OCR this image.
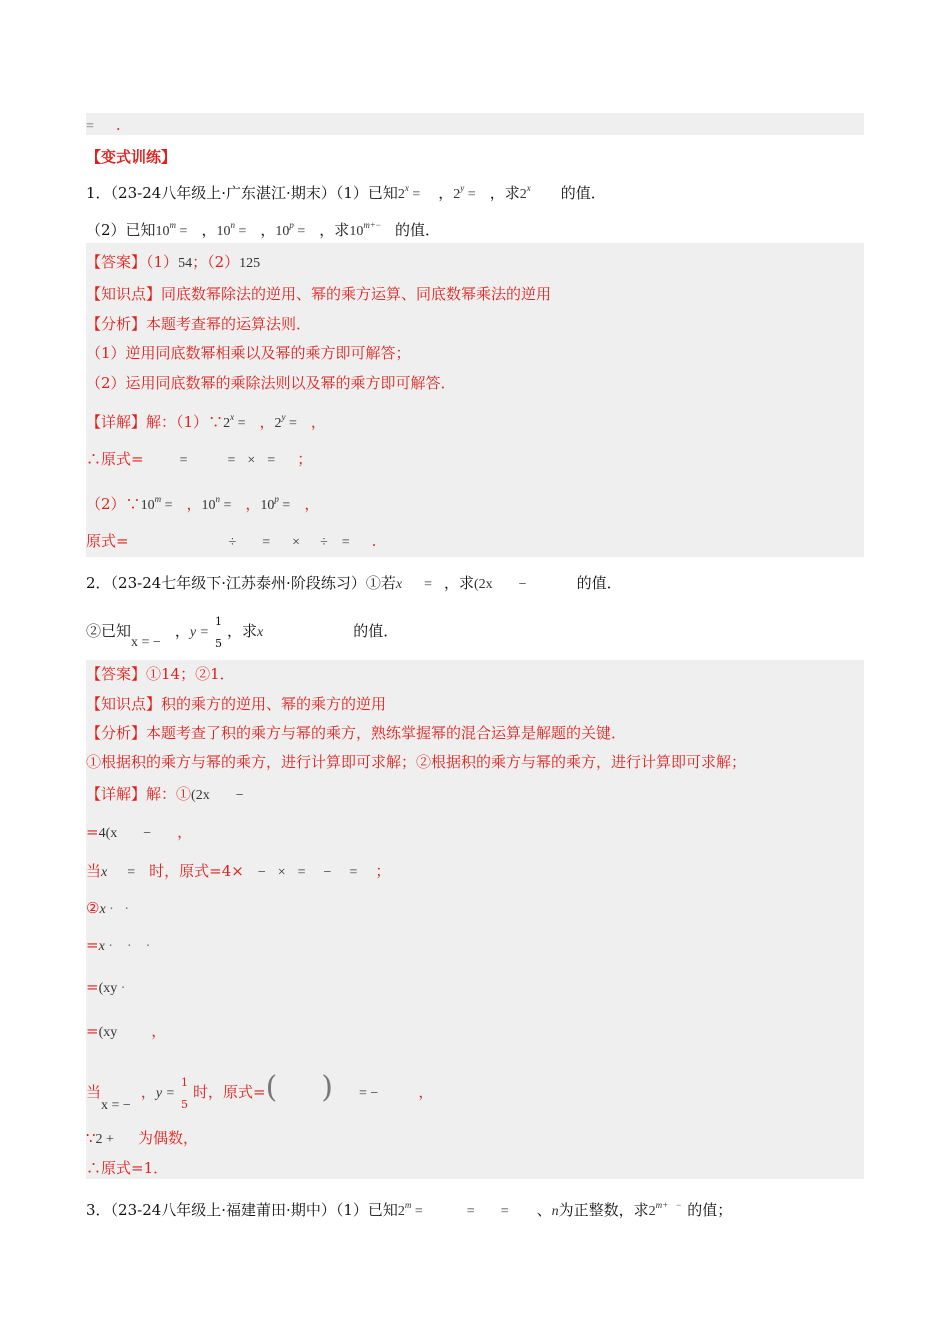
= .
【变式训练】
1．（23-24八年级上·广东湛江·期末）（1）已知$2^x$ = ，$2^y$ = ，求2$^x$ 的值．
（2）已知$10^m$ = ，$10^n$ = ，$10^p$ = ，求$10^{m+-}$ 的值．
【答案】（1）54；（2）125
【知识点】同底数幂除法的逆用、幂的乘方运算、同底数幂乘法的逆用
【分析】本题考查幂的运算法则．
（1）逆用同底数幂相乘以及幂的乘方即可解答；
（2）运用同底数幂的乘除法则以及幂的乘方即可解答．
【详解】解：$(1)\because 2^x$ = ，$2^y$ = ，
∴原式=	=	= × = ；
$(2)\because 10^m$ = ，$10^n$ = ，$10^p$ = ，
原式=	÷ = × ÷ = .
2．（23-24七年级下·江苏泰州·阶段练习）①若x = ，求(2x −	的值．
②已知x = −，y =
1
5
，求x	的值．
【答案】①14；②1．
【知识点】积的乘方的逆用、幂的乘方的逆用
【分析】本题考查了积的乘方与幂的乘方，熟练掌握幂的混合运算是解题的关键．
①根据积的乘方与幂的乘方，进行计算即可求解；②根据积的乘方与幂的乘方，进行计算即可求解；
【详解】解：①(2x −
=4(x − ，
当x = 时，原式=4× − × = − = ；
②x ·   ·
=x ·    ·    ·
=(xy ·
=(xy ，
当x = −，y =
1
5
时，原式=( ) = −	，
∵2 + 为偶数，
∴原式=1．
3．（23-24八年级上·福建莆田·期中）（1）已知$2^m$ =	= = 、n为正整数，求$2^{m+}$ − 的值；
